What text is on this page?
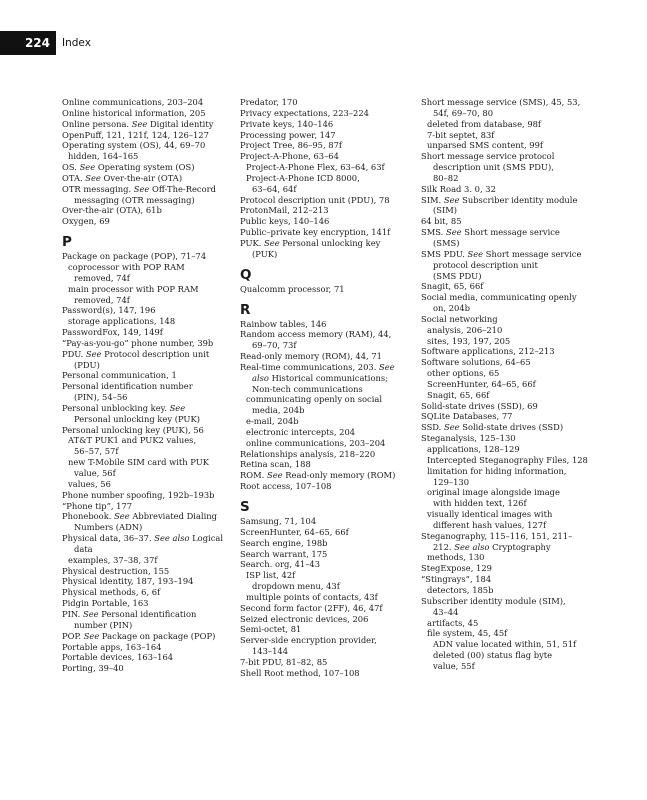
224	Index
Online communications, 203–204
Online historical information, 205
Online persona. See Digital identity
OpenPuff, 121, 121f, 124, 126–127
Operating system (OS), 44, 69–70
hidden, 164–165
OS. See Operating system (OS)
OTA. See Over-the-air (OTA)
OTR messaging. See Off-The-Record
messaging (OTR messaging)
Over-the-air (OTA), 61b
Oxygen, 69
P
Package on package (POP), 71–74
coprocessor with POP RAM
removed, 74f
main processor with POP RAM
removed, 74f
Password(s), 147, 196
storage applications, 148
PasswordFox, 149, 149f
“Pay-as-you-go” phone number, 39b
PDU. See Protocol description unit
(PDU)
Personal communication, 1
Personal identification number
(PIN), 54–56
Personal unblocking key. See
Personal unlocking key (PUK)
Personal unlocking key (PUK), 56
AT&T PUK1 and PUK2 values,
56–57, 57f
new T-Mobile SIM card with PUK
value, 56f
values, 56
Phone number spoofing, 192b–193b
“Phone tip”, 177
Phonebook. See Abbreviated Dialing
Numbers (ADN)
Physical data, 36–37. See also Logical
data
examples, 37–38, 37f
Physical destruction, 155
Physical identity, 187, 193–194
Physical methods, 6, 6f
Pidgin Portable, 163
PIN. See Personal identification
number (PIN)
POP. See Package on package (POP)
Portable apps, 163–164
Portable devices, 163–164
Porting, 39–40
Predator, 170
Privacy expectations, 223–224
Private keys, 140–146
Processing power, 147
Project Tree, 86–95, 87f
Project-A-Phone, 63–64
Project-A-Phone Flex, 63–64, 63f
Project-A-Phone ICD 8000,
63–64, 64f
Protocol description unit (PDU), 78
ProtonMail, 212–213
Public keys, 140–146
Public–private key encryption, 141f
PUK. See Personal unlocking key
(PUK)
Q
Qualcomm processor, 71
R
Rainbow tables, 146
Random access memory (RAM), 44,
69–70, 73f
Read-only memory (ROM), 44, 71
Real-time communications, 203. See
also Historical communications;
Non-tech communications
communicating openly on social
media, 204b
e-mail, 204b
electronic intercepts, 204
online communications, 203–204
Relationships analysis, 218–220
Retina scan, 188
ROM. See Read-only memory (ROM)
Root access, 107–108
S
Samsung, 71, 104
ScreenHunter, 64–65, 66f
Search engine, 198b
Search warrant, 175
Search. org, 41–43
ISP list, 42f
dropdown menu, 43f
multiple points of contacts, 43f
Second form factor (2FF), 46, 47f
Seized electronic devices, 206
Semi-octet, 81
Server-side encryption provider,
143–144
7-bit PDU, 81–82, 85
Shell Root method, 107–108
Short message service (SMS), 45, 53,
54f, 69–70, 80
deleted from database, 98f
7-bit septet, 83f
unparsed SMS content, 99f
Short message service protocol
description unit (SMS PDU),
80–82
Silk Road 3. 0, 32
SIM. See Subscriber identity module
(SIM)
64 bit, 85
SMS. See Short message service
(SMS)
SMS PDU. See Short message service
protocol description unit
(SMS PDU)
Snagit, 65, 66f
Social media, communicating openly
on, 204b
Social networking
analysis, 206–210
sites, 193, 197, 205
Software applications, 212–213
Software solutions, 64–65
other options, 65
ScreenHunter, 64–65, 66f
Snagit, 65, 66f
Solid-state drives (SSD), 69
SQLite Databases, 77
SSD. See Solid-state drives (SSD)
Steganalysis, 125–130
applications, 128–129
Intercepted Steganography Files, 128
limitation for hiding information,
129–130
original image alongside image
with hidden text, 126f
visually identical images with
different hash values, 127f
Steganography, 115–116, 151, 211–
212. See also Cryptography
methods, 130
StegExpose, 129
“Stingrays”, 184
detectors, 185b
Subscriber identity module (SIM),
43–44
artifacts, 45
file system, 45, 45f
ADN value located within, 51, 51f
deleted (00) status flag byte
value, 55f
